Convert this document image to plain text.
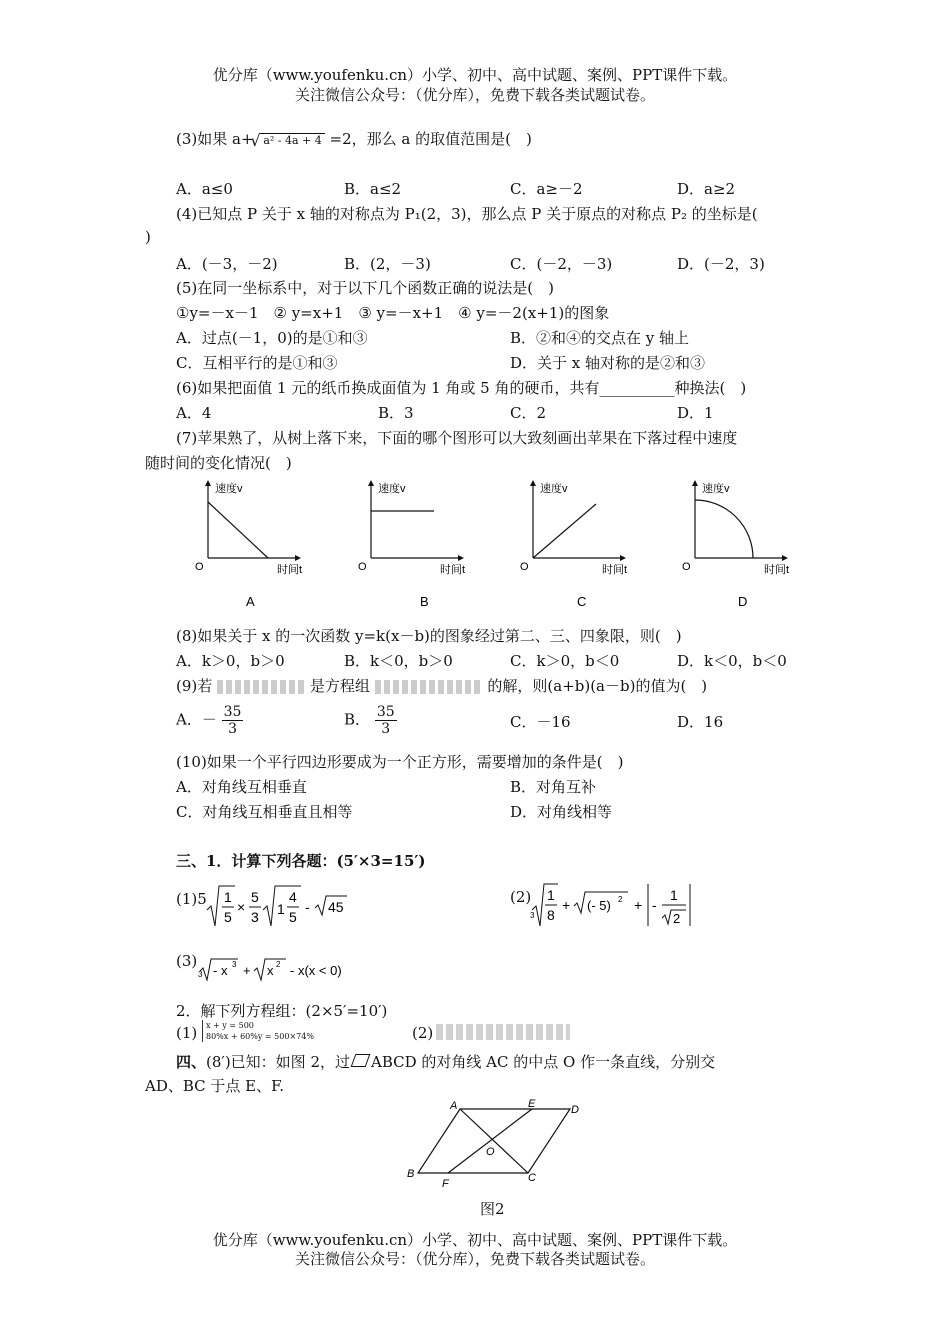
优分库（www.youfenku.cn）小学、初中、高中试题、案例、PPT课件下载。
关注微信公众号：（优分库），免费下载各类试题试卷。
(3)如果 a+ √ a² - 4a + 4 =2，那么 a 的取值范围是(　)
A．a≤0	B．a≤2	C．a≥－2	D．a≥2
(4)已知点 P 关于 x 轴的对称点为 P₁(2，3)，那么点 P 关于原点的对称点 P₂ 的坐标是(
)
A．(－3，－2)	B．(2，－3)	C．(－2，－3)	D．(－2，3)
(5)在同一坐标系中，对于以下几个函数正确的说法是(　)
①y=－x－1　② y=x+1　③ y=－x+1　④ y=－2(x+1)的图象
A．过点(－1，0)的是①和③	B．②和④的交点在 y 轴上
C．互相平行的是①和③	D．关于 x 轴对称的是②和③
(6)如果把面值 1 元的纸币换成面值为 1 角或 5 角的硬币，共有__________种换法(　)
A．4	B．3	C．2	D．1
(7)苹果熟了，从树上落下来，下面的哪个图形可以大致刻画出苹果在下落过程中速度
随时间的变化情况(　)
速度v
O	时间t
A
速度v
O	时间t
B
速度v
O	时间t
C
速度v
O	时间t
D
(8)如果关于 x 的一次函数 y=k(x－b)的图象经过第二、三、四象限，则(　)
A．k＞0，b＞0	B．k＜0，b＞0	C．k＞0，b＜0	D．k＜0，b＜0
(9)若	是方程组	的解，则(a+b)(a－b)的值为(　)
A．－ $\frac{35}{3}$	B． $\frac{35}{3}$	C．－16	D．16
(10)如果一个平行四边形要成为一个正方形，需要增加的条件是(　)
A．对角线互相垂直	B．对角互补
C．对角线互相垂直且相等	D．对角线相等
三、1．计算下列各题：(5′×3=15′)
(1)5 1
5
×
5
3 1
4
5
- 45
(2)
3
1
8
+ (- 5) 2 + -
1
2
(3)
3 - x 3 + x 2 - x(x < 0)
2．解下列方程组：(2×5′=10′)
(1) x + y = 500
80%x + 60%y = 500×74%	(2)
四、(8′)已知：如图 2，过 ABCD 的对角线 AC 的中点 O 作一条直线，分别交
AD、BC 于点 E、F.
A	E	D
O
B
F	C
图2
优分库（www.youfenku.cn）小学、初中、高中试题、案例、PPT课件下载。
关注微信公众号：（优分库），免费下载各类试题试卷。
